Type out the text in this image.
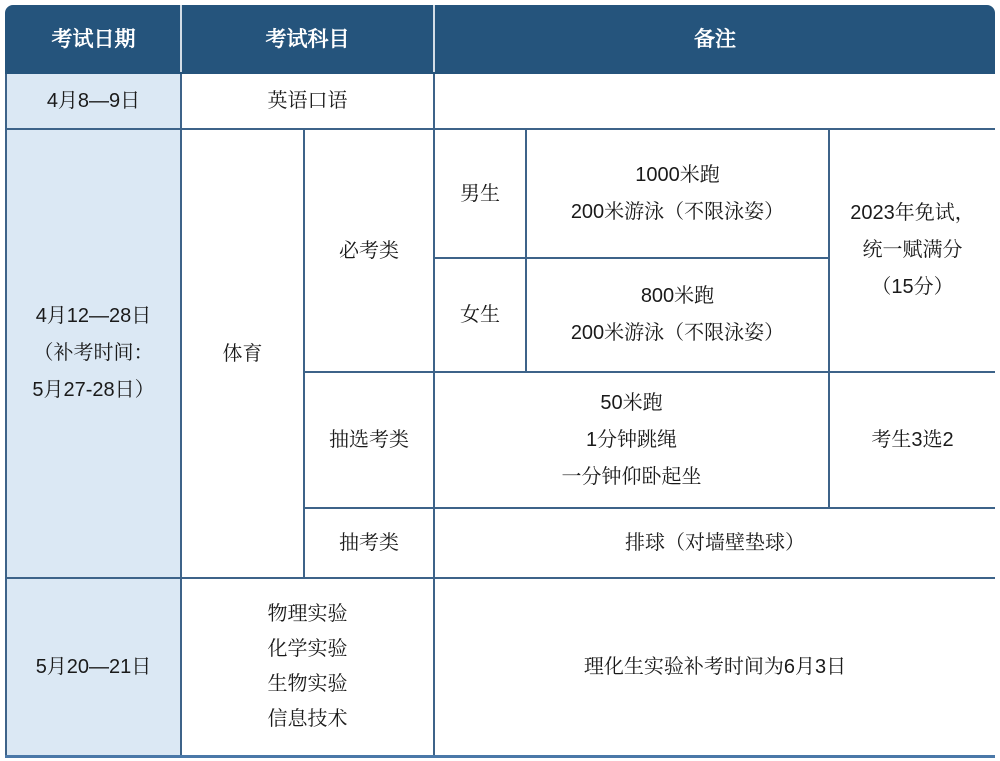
考试日期	考试科目		备注		
4月8—9日	英语口语				

4月12—28日
（补考时间：
5月27-28日）
	体育	必考类	男生	
1000米跑
200米游泳（不限泳姿）	2023年免试，
统一赋满分
（15分）

			女生	800米跑
200米游泳（不限泳姿）	

		抽选考类	50米跑
1分钟跳绳
一分钟仰卧起坐		考生3选2
		抽考类	排球（对墙壁垫球）		
5月20—21日	物理实验
化学实验
生物实验
信息技术		理化生实验补考时间为6月3日		
